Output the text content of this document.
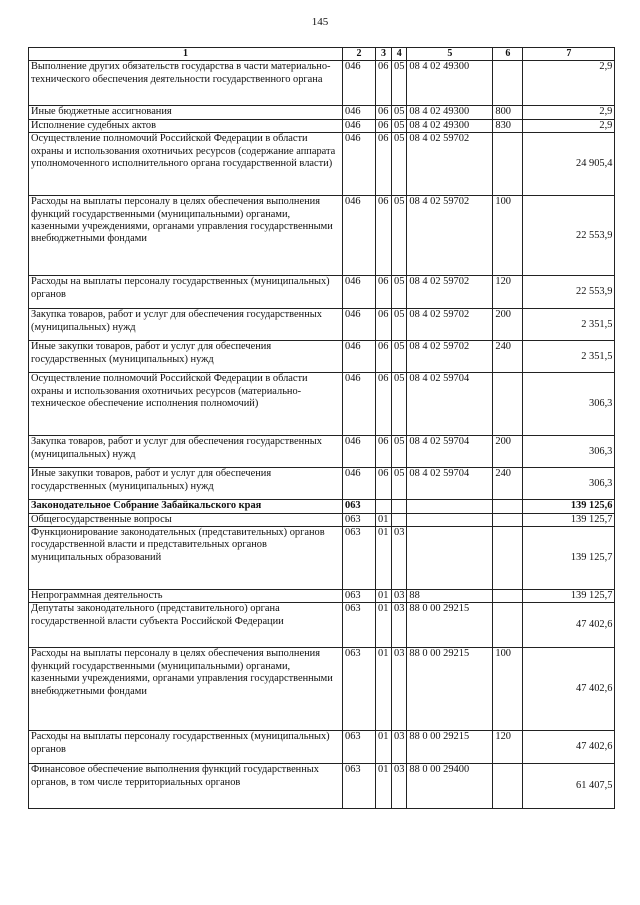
145
1	2	3	4	5	6	7
Выполнение других обязательств государства в части материально-технического обеспечения деятельности государственного органа	046	06	05	08 4 02 49300		2,9
Иные бюджетные ассигнования	046	06	05	08 4 02 49300	800	2,9
Исполнение судебных актов	046	06	05	08 4 02 49300	830	2,9
Осуществление полномочий Российской Федерации в области охраны и использования охотничьих ресурсов (содержание аппарата уполномоченного исполнительного органа государственной власти)	046	06	05	08 4 02 59702		24 905,4
Расходы на выплаты персоналу в целях обеспечения выполнения функций государственными (муниципальными) органами, казенными учреждениями, органами управления государственными внебюджетными фондами	046	06	05	08 4 02 59702	100	22 553,9
Расходы на выплаты персоналу государственных (муниципальных) органов	046	06	05	08 4 02 59702	120	22 553,9
Закупка товаров, работ и услуг для обеспечения государственных (муниципальных) нужд	046	06	05	08 4 02 59702	200	2 351,5
Иные закупки товаров, работ и услуг для обеспечения государственных (муниципальных) нужд	046	06	05	08 4 02 59702	240	2 351,5
Осуществление полномочий Российской Федерации в области охраны и использования охотничьих ресурсов (материально-техническое обеспечение исполнения полномочий)	046	06	05	08 4 02 59704		306,3
Закупка товаров, работ и услуг для обеспечения государственных (муниципальных) нужд	046	06	05	08 4 02 59704	200	306,3
Иные закупки товаров, работ и услуг для обеспечения государственных (муниципальных) нужд	046	06	05	08 4 02 59704	240	306,3
Законодательное Собрание Забайкальского края	063					139 125,6
Общегосударственные вопросы	063	01				139 125,7
Функционирование законодательных (представительных) органов государственной власти и представительных органов муниципальных образований	063	01	03			139 125,7
Непрограммная деятельность	063	01	03	88		139 125,7
Депутаты законодательного (представительного) органа государственной власти субъекта Российской Федерации	063	01	03	88 0 00 29215		47 402,6
Расходы на выплаты персоналу в целях обеспечения выполнения функций государственными (муниципальными) органами, казенными учреждениями, органами управления государственными внебюджетными фондами	063	01	03	88 0 00 29215	100	47 402,6
Расходы на выплаты персоналу государственных (муниципальных) органов	063	01	03	88 0 00 29215	120	47 402,6
Финансовое обеспечение выполнения функций государственных органов, в том числе территориальных органов	063	01	03	88 0 00 29400		61 407,5
